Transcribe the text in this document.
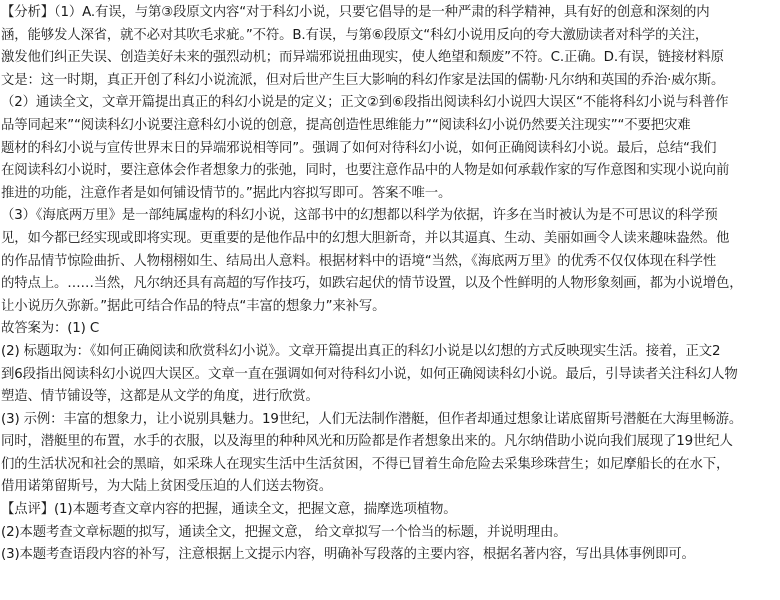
【分析】（1）A.有误，与第③段原文内容“对于科幻小说，只要它倡导的是一种严肃的科学精神，具有好的创意和深刻的内
涵，能够发人深省，就不必对其吹毛求疵。”不符。B.有误，与第⑥段原文“科幻小说用反向的夸大激励读者对科学的关注，
激发他们纠正失误、创造美好未来的强烈动机；而异端邪说扭曲现实，使人绝望和颓废”不符。C.正确。D.有误，链接材料原
文是：这一时期，真正开创了科幻小说流派，但对后世产生巨大影响的科幻作家是法国的儒勒·凡尔纳和英国的乔治·威尔斯。
（2）通读全文，文章开篇提出真正的科幻小说是的定义；正文②到⑥段指出阅读科幻小说四大误区“不能将科幻小说与科普作
品等同起来”“阅读科幻小说要注意科幻小说的创意，提高创造性思维能力”“阅读科幻小说仍然要关注现实”“不要把灾难
题材的科幻小说与宣传世界末日的异端邪说相等同”。强调了如何对待科幻小说，如何正确阅读科幻小说。最后，总结“我们
在阅读科幻小说时，要注意体会作者想象力的张弛，同时，也要注意作品中的人物是如何承载作家的写作意图和实现小说向前
推进的功能，注意作者是如何铺设情节的。”据此内容拟写即可。答案不唯一。
（3）《海底两万里》是一部纯属虚构的科幻小说，这部书中的幻想都以科学为依据，许多在当时被认为是不可思议的科学预
见，如今都已经实现或即将实现。更重要的是他作品中的幻想大胆新奇，并以其逼真、生动、美丽如画令人读来趣味盎然。他
的作品情节惊险曲折、人物栩栩如生、结局出人意料。根据材料中的语境“当然，《海底两万里》的优秀不仅仅体现在科学性
的特点上。……当然，凡尔纳还具有高超的写作技巧，如跌宕起伏的情节设置，以及个性鲜明的人物形象刻画，都为小说增色，
让小说历久弥新。”据此可结合作品的特点“丰富的想象力”来补写。
故答案为：(1) C
(2) 标题取为：《如何正确阅读和欣赏科幻小说》。文章开篇提出真正的科幻小说是以幻想的方式反映现实生活。接着，正文2
到6段指出阅读科幻小说四大误区。文章一直在强调如何对待科幻小说，如何正确阅读科幻小说。最后，引导读者关注科幻人物
塑造、情节铺设等，这都是从文学的角度，进行欣赏。
(3) 示例：丰富的想象力，让小说别具魅力。19世纪，人们无法制作潜艇，但作者却通过想象让诺底留斯号潜艇在大海里畅游。
同时，潜艇里的布置，水手的衣服，以及海里的种种风光和历险都是作者想象出来的。凡尔纳借助小说向我们展现了19世纪人
们的生活状况和社会的黑暗，如采珠人在现实生活中生活贫困，不得已冒着生命危险去采集珍珠营生；如尼摩船长的在水下，
借用诺第留斯号，为大陆上贫困受压迫的人们送去物资。
【点评】(1)本题考查文章内容的把握，通读全文，把握文意，揣摩选项植物。
(2)本题考查文章标题的拟写，通读全文，把握文意， 给文章拟写一个恰当的标题，并说明理由。
(3)本题考查语段内容的补写，注意根据上文提示内容，明确补写段落的主要内容，根据名著内容，写出具体事例即可。
